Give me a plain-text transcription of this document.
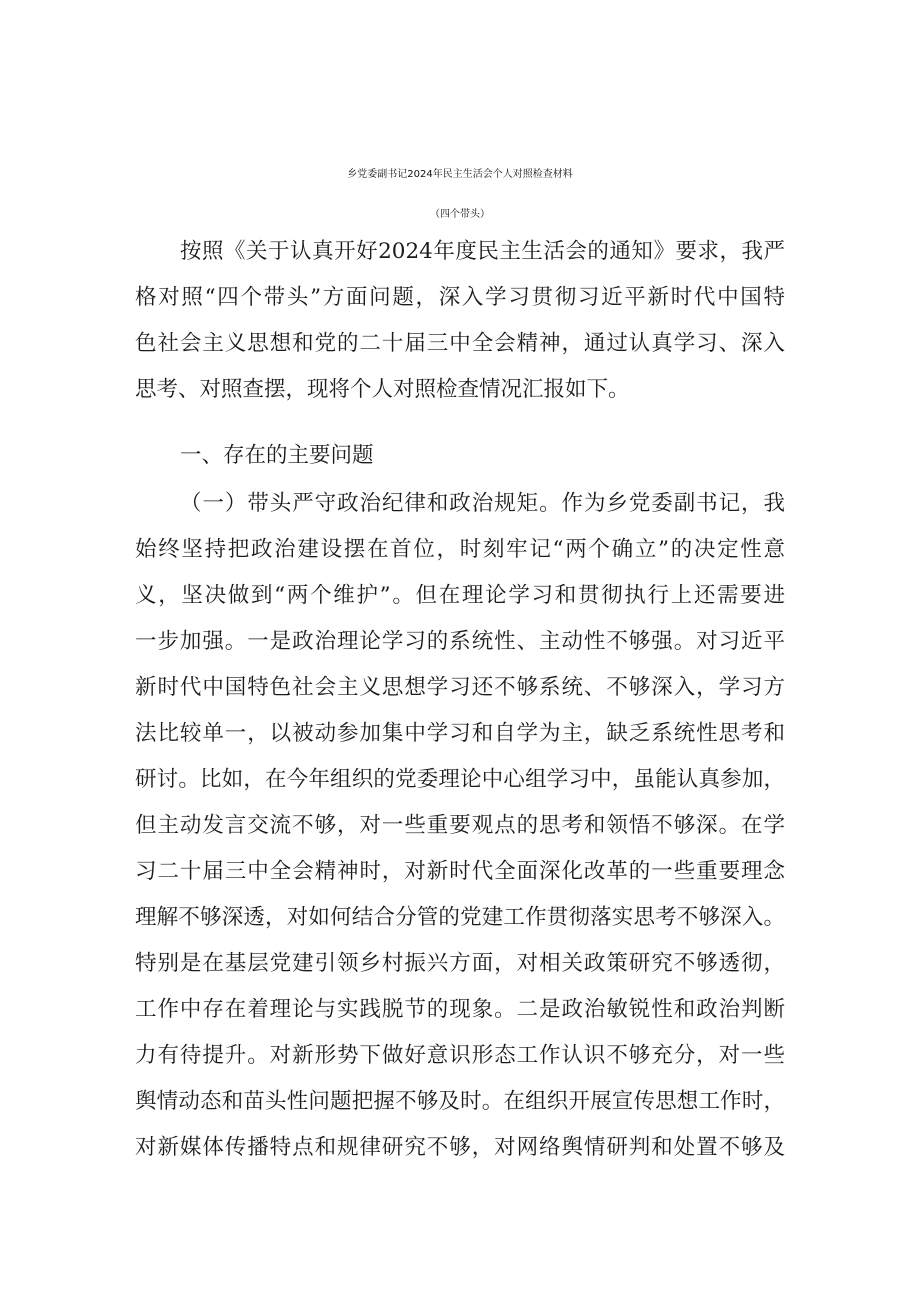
乡党委副书记2024年民主生活会个人对照检查材料
（四个带头）
按照《关于认真开好2024年度民主生活会的通知》要求，我严
格对照“四个带头”方面问题，深入学习贯彻习近平新时代中国特
色社会主义思想和党的二十届三中全会精神，通过认真学习、深入
思考、对照查摆，现将个人对照检查情况汇报如下。
一、存在的主要问题
（一）带头严守政治纪律和政治规矩。作为乡党委副书记，我
始终坚持把政治建设摆在首位，时刻牢记“两个确立”的决定性意
义，坚决做到“两个维护”。但在理论学习和贯彻执行上还需要进
一步加强。一是政治理论学习的系统性、主动性不够强。对习近平
新时代中国特色社会主义思想学习还不够系统、不够深入，学习方
法比较单一，以被动参加集中学习和自学为主，缺乏系统性思考和
研讨。比如，在今年组织的党委理论中心组学习中，虽能认真参加，
但主动发言交流不够，对一些重要观点的思考和领悟不够深。在学
习二十届三中全会精神时，对新时代全面深化改革的一些重要理念
理解不够深透，对如何结合分管的党建工作贯彻落实思考不够深入。
特别是在基层党建引领乡村振兴方面，对相关政策研究不够透彻，
工作中存在着理论与实践脱节的现象。二是政治敏锐性和政治判断
力有待提升。对新形势下做好意识形态工作认识不够充分，对一些
舆情动态和苗头性问题把握不够及时。在组织开展宣传思想工作时，
对新媒体传播特点和规律研究不够，对网络舆情研判和处置不够及
